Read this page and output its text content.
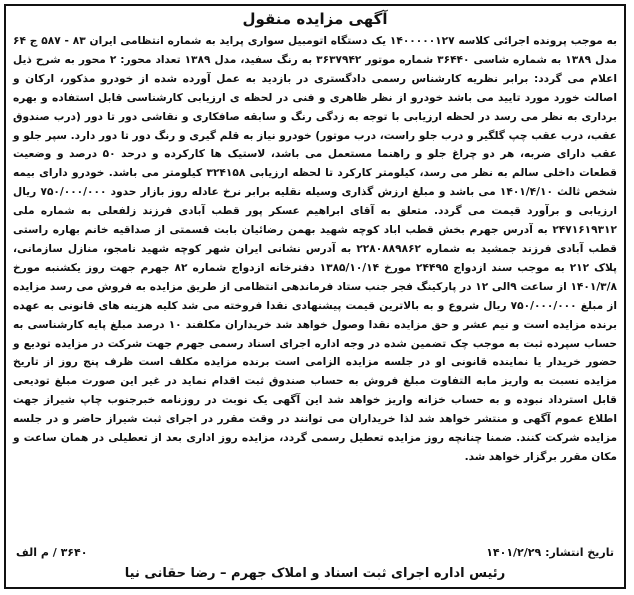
آگهی مزایده منقول
به موجب پرونده اجرائی کلاسه ۱۴۰۰۰۰۰۱۲۷ یک دستگاه اتومبیل سواری پراید به شماره انتظامی ایران ۸۳ - ۵۸۷ ج ۶۴ مدل ۱۳۸۹ به شماره شاسی ۳۶۴۴۰ شماره موتور ۳۶۳۷۹۴۲ به رنگ سفید، مدل ۱۳۸۹ تعداد محور: ۲ محور به شرح ذیل اعلام می گردد: برابر نظریه کارشناس رسمی دادگستری در بازدید به عمل آورده شده از خودرو مذکور، ارکان و اصالت خورد مورد تایید می باشد خودرو از نظر ظاهری و فنی در لحظه ی ارزیابی کارشناسی قابل استفاده و بهره برداری به نظر می رسد در لحظه ارزیابی با توجه به زدگی رنگ و سابقه صافکاری و نقاشی دور تا دور (درب صندوق عقب، درب عقب چپ گلگیر و درب جلو راست، درب موتور) خودرو نیاز به قلم گیری و رنگ دور تا دور دارد. سپر جلو و عقب دارای ضربه، هر دو چراغ جلو و راهنما مستعمل می باشد، لاستیک ها کارکرده و درحد ۵۰ درصد و وضعیت قطعات داخلی سالم به نظر می رسد، کیلومتر کارکرد تا لحظه ارزیابی ۳۲۴۱۵۸ کیلومتر می باشد. خودرو دارای بیمه شخص ثالث ۱۴۰۱/۴/۱۰ می باشد و مبلغ ارزش گذاری وسیله نقلیه برابر نرخ عادله روز بازار حدود ۷۵۰/۰۰۰/۰۰۰ ریال ارزیابی و برآورد قیمت می گردد. متعلق به آقای ابراهیم عسکر پور قطب آبادی فرزند زلفعلی به شماره ملی ۲۴۷۱۶۱۹۳۱۲ به آدرس جهرم بخش قطب اباد کوچه شهید بهمن رضائیان بابت قسمتی از صداقیه خانم بهاره راستی قطب آبادی فرزند جمشید به شماره ۲۲۸۰۸۸۹۸۶۲ به آدرس نشانی ایران شهر کوچه شهید نامجو، منازل سازمانی، پلاک ۲۱۲ به موجب سند ازدواج ۲۴۴۹۵ مورخ ۱۳۸۵/۱۰/۱۴ دفترخانه ازدواج شماره ۸۲ جهرم جهت روز یکشنبه مورخ ۱۴۰۱/۳/۸ از ساعت ۹الی ۱۲ در پارکینگ فجر جنب ستاد فرماندهی انتظامی از طریق مزایده به فروش می رسد مزایده از مبلغ ۷۵۰/۰۰۰/۰۰۰ ریال شروع و به بالاترین قیمت پیشنهادی نقدا فروخته می شد کلیه هزینه های قانونی به عهده برنده مزایده است و نیم عشر و حق مزایده نقدا وصول خواهد شد خریداران مکلفند ۱۰ درصد مبلغ پایه کارشناسی به حساب سپرده ثبت به موجب چک تضمین شده در وجه اداره اجرای اسناد رسمی جهرم جهت شرکت در مزایده تودیع و حضور خریدار یا نماینده قانونی او در جلسه مزایده الزامی است برنده مزایده مکلف است ظرف پنج روز از تاریخ مزایده نسبت به واریز مابه التفاوت مبلغ فروش به حساب صندوق ثبت اقدام نماید در غیر این صورت مبلغ تودیعی قابل استرداد نبوده و به حساب خزانه واریز خواهد شد این آگهی یک نوبت در روزنامه خبرجنوب چاپ شیراز جهت اطلاع عموم آگهی و منتشر خواهد شد لذا خریداران می توانند در وقت مقرر در اجرای ثبت شیراز حاضر و در جلسه مزایده شرکت کنند. ضمنا چنانچه روز مزایده تعطیل رسمی گردد، مزایده روز اداری بعد از تعطیلی در همان ساعت و مکان مقرر برگزار خواهد شد.
تاریخ انتشار: ۱۴۰۱/۲/۲۹
۳۶۴۰ / م الف
رئیس اداره اجرای ثبت اسناد و املاک جهرم – رضا حقانی نیا
